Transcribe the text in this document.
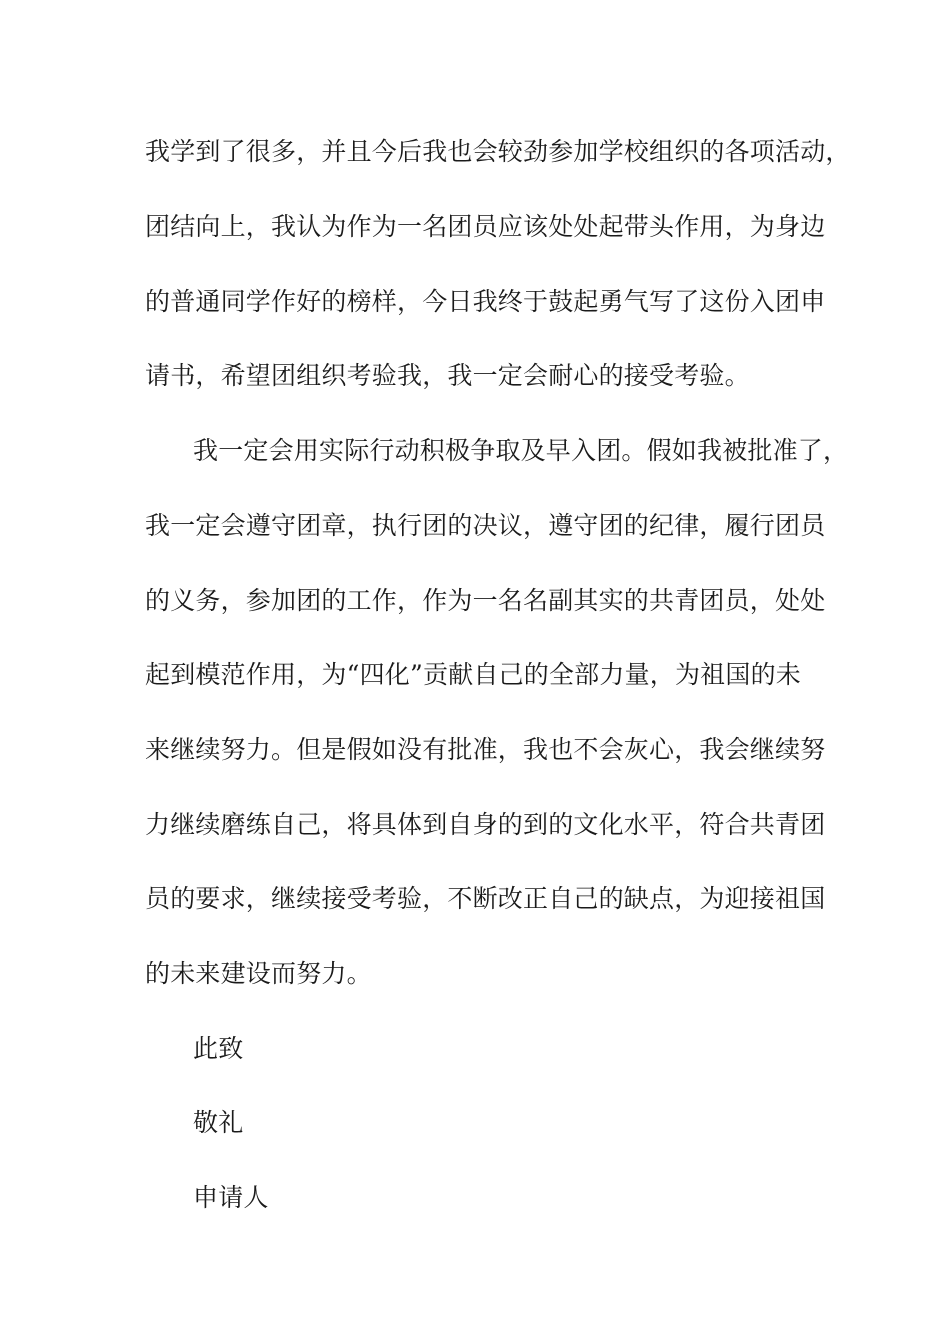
我学到了很多，并且今后我也会较劲参加学校组织的各项活动，
团结向上，我认为作为一名团员应该处处起带头作用，为身边
的普通同学作好的榜样，今日我终于鼓起勇气写了这份入团申
请书，希望团组织考验我，我一定会耐心的接受考验。
我一定会用实际行动积极争取及早入团。假如我被批准了，
我一定会遵守团章，执行团的决议，遵守团的纪律，履行团员
的义务，参加团的工作，作为一名名副其实的共青团员，处处
起到模范作用，为“四化”贡献自己的全部力量，为祖国的未
来继续努力。但是假如没有批准，我也不会灰心，我会继续努
力继续磨练自己，将具体到自身的到的文化水平，符合共青团
员的要求，继续接受考验，不断改正自己的缺点，为迎接祖国
的未来建设而努力。
此致
敬礼
申请人
